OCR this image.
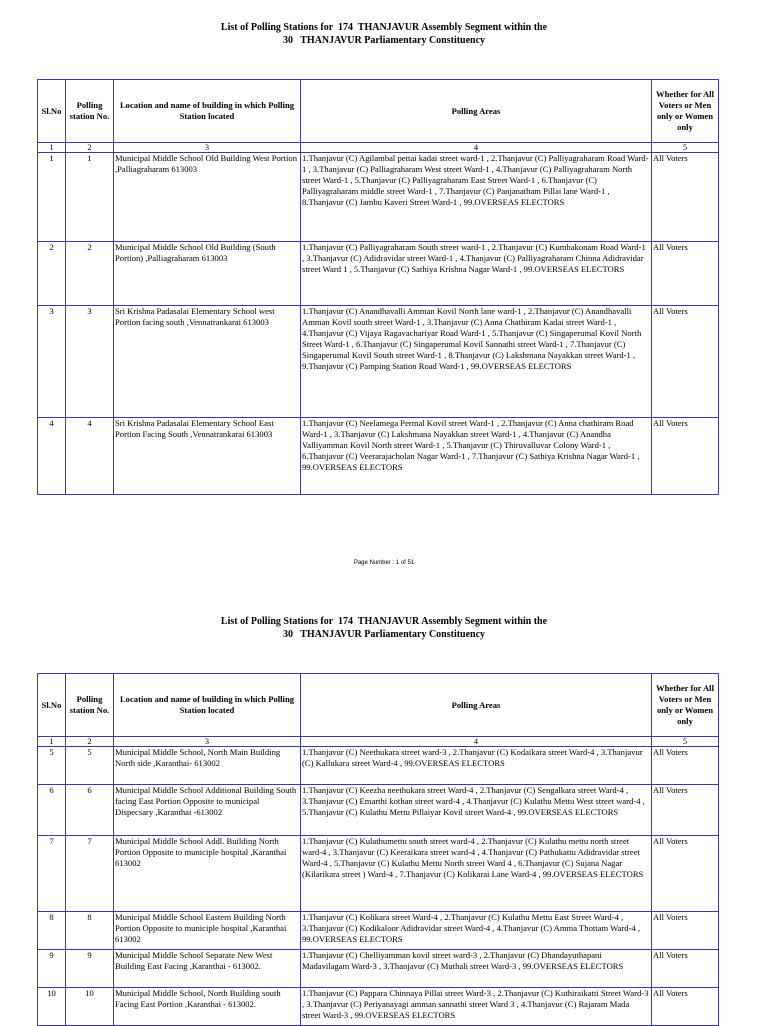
List of Polling Stations for  174  THANJAVUR Assembly Segment within the
30   THANJAVUR Parliamentary Constituency
Sl.No	Polling station No.	Location and name of building in which Polling Station located	Polling Areas	Whether for All Voters or Men only or Women only
1	2	3	4	5
1	1	Municipal Middle School Old Building West Portion ,Palliagraharam 613003	1.Thanjavur (C) Agilambal pettai kadai street ward-1 , 2.Thanjavur (C) Palliyagraharam Road Ward-1 , 3.Thanjavur (C) Palliagraharam West street Ward-1 , 4.Thanjavur (C) Palliyagraharam North street Ward-1 , 5.Thanjavur (C) Palliyagraharam East Street Ward-1 , 6.Thanjavur (C) Palliyagraharam middle street Ward-1 , 7.Thanjavur (C) Panjanatham Pillai lane Ward-1 , 8.Thanjavur (C) Jambu Kaveri Street Ward-1 , 99.OVERSEAS ELECTORS	All Voters
2	2	Municipal Middle School Old Building (South Portion) ,Palliagraharam 613003	1.Thanjavur (C) Palliyagraharam South street ward-1 , 2.Thanjavur (C) Kumbakonam Road Ward-1 , 3.Thanjavur (C) Adidravidar street Ward-1 , 4.Thanjavur (C) Palliyagraharam Chinna Adidravidar street Ward 1 , 5.Thanjavur (C) Sathiya Krishna Nagar Ward-1 , 99.OVERSEAS ELECTORS	All Voters
3	3	Sri Krishna Padasalai Elementary School west Portion facing south ,Vennatrankarai 613003	1.Thanjavur (C) Anandhavalli Amman Kovil North lane ward-1 , 2.Thanjavur (C) Anandhavalli Amman Kovil south street Ward-1 , 3.Thanjavur (C) Anna Chathiram Kadai street Ward-1 , 4.Thanjavur (C) Vijaya Ragavachariyar Road Ward-1 , 5.Thanjavur (C) Singaperumal Kovil North Street Ward-1 , 6.Thanjavur (C) Singaperumal Kovil Sannathi street Ward-1 , 7.Thanjavur (C) Singaperumal Kovil South street Ward-1 , 8.Thanjavur (C) Lakshmana Nayakkan street Ward-1 , 9.Thanjavur (C) Pamping Station Road Ward-1 , 99.OVERSEAS ELECTORS	All Voters
4	4	Sri Krishna Padasalai Elementary School East Portion Facing South ,Vennatrankarai 613003	1.Thanjavur (C) Neelamega Permal Kovil street Ward-1 , 2.Thanjavur (C) Anna chathiram Road Ward-1 , 3.Thanjavur (C) Lakshmana Nayakkan street Ward-1 , 4.Thanjavur (C) Anandha Valliyamman Kovil North street Ward-1 , 5.Thanjavur (C) Thiruvalluvar Colony Ward-1 , 6.Thanjavur (C) Veerarajacholan Nagar Ward-1 , 7.Thanjavur (C) Sathiya Krishna Nagar Ward-1 , 99.OVERSEAS ELECTORS	All Voters
Page Number : 1 of 51
List of Polling Stations for  174  THANJAVUR Assembly Segment within the
30   THANJAVUR Parliamentary Constituency
Sl.No	Polling station No.	Location and name of building in which Polling Station located	Polling Areas	Whether for All Voters or Men only or Women only
1	2	3	4	5
5	5	Municipal Middle School, North Main Building North side ,Karanthai- 613002	1.Thanjavur (C) Neethukara street ward-3 , 2.Thanjavur (C) Kodaikara street Ward-4 , 3.Thanjavur (C) Kallukara street Ward-4 , 99.OVERSEAS ELECTORS	All Voters
6	6	Municipal Middle School Additional Building South facing East Portion Opposite to municipal Dispecsary ,Karanthai -613002	1.Thanjavur (C) Keezha neethukara street Ward-4 , 2.Thanjavur (C) Sengalkara street Ward-4 , 3.Thanjavur (C) Emarthi kothan street ward-4 , 4.Thanjavur (C) Kulathu Mettu West street ward-4 , 5.Thanjavur (C) Kulathu Mettu Pillaiyar Kovil street Ward-4 , 99.OVERSEAS ELECTORS	All Voters
7	7	Municipal Middle School Addl. Building North Portion Opposite to municiple hospital ,Karanthai 613002	1.Thanjavur (C) Kulathumettu south street ward-4 , 2.Thanjavur (C) Kulathu mettu north street ward-4 , 3.Thanjavur (C) Keeraikara street ward-4 , 4.Thanjavur (C) Pathukattu Adidravidar street Ward-4 , 5.Thanjavur (C) Kulathu Mettu North street Ward 4 , 6.Thanjavur (C) Sujana Nagar (Kilarikara street ) Ward-4 , 7.Thanjavur (C) Kolikarai Lane Ward-4 , 99.OVERSEAS ELECTORS	All Voters
8	8	Municipal Middle School Eastern Building North Portion Opposite to municiple hospital ,Karanthai 613002	1.Thanjavur (C) Kolikara street Ward-4 , 2.Thanjavur (C) Kulathu Mettu East Street Ward-4 , 3.Thanjavur (C) Kodikaloor Adidravidar street Ward-4 , 4.Thanjavur (C) Amma Thottam Ward-4 , 99.OVERSEAS ELECTORS	All Voters
9	9	Municipal Middle School Separate New West Building East Facing ,Karanthai - 613002.	1.Thanjavur (C) Chelliyamman kovil street ward-3 , 2.Thanjavur (C) Dhandayuthapani Madavilagam Ward-3 , 3.Thanjavur (C) Muthali street Ward-3 , 99.OVERSEAS ELECTORS	All Voters
10	10	Municipal Middle School, North Building south Facing East Portion ,Karanthai - 613002.	1.Thanjavur (C) Pappara Chinnaya Pillai street Ward-3 , 2.Thanjavur (C) Kuthiraikatti Street Ward-3 , 3.Thanjavur (C) Periyanayagi amman sannathi street Ward 3 , 4.Thanjavur (C) Rajaram Mada street Ward-3 , 99.OVERSEAS ELECTORS	All Voters
